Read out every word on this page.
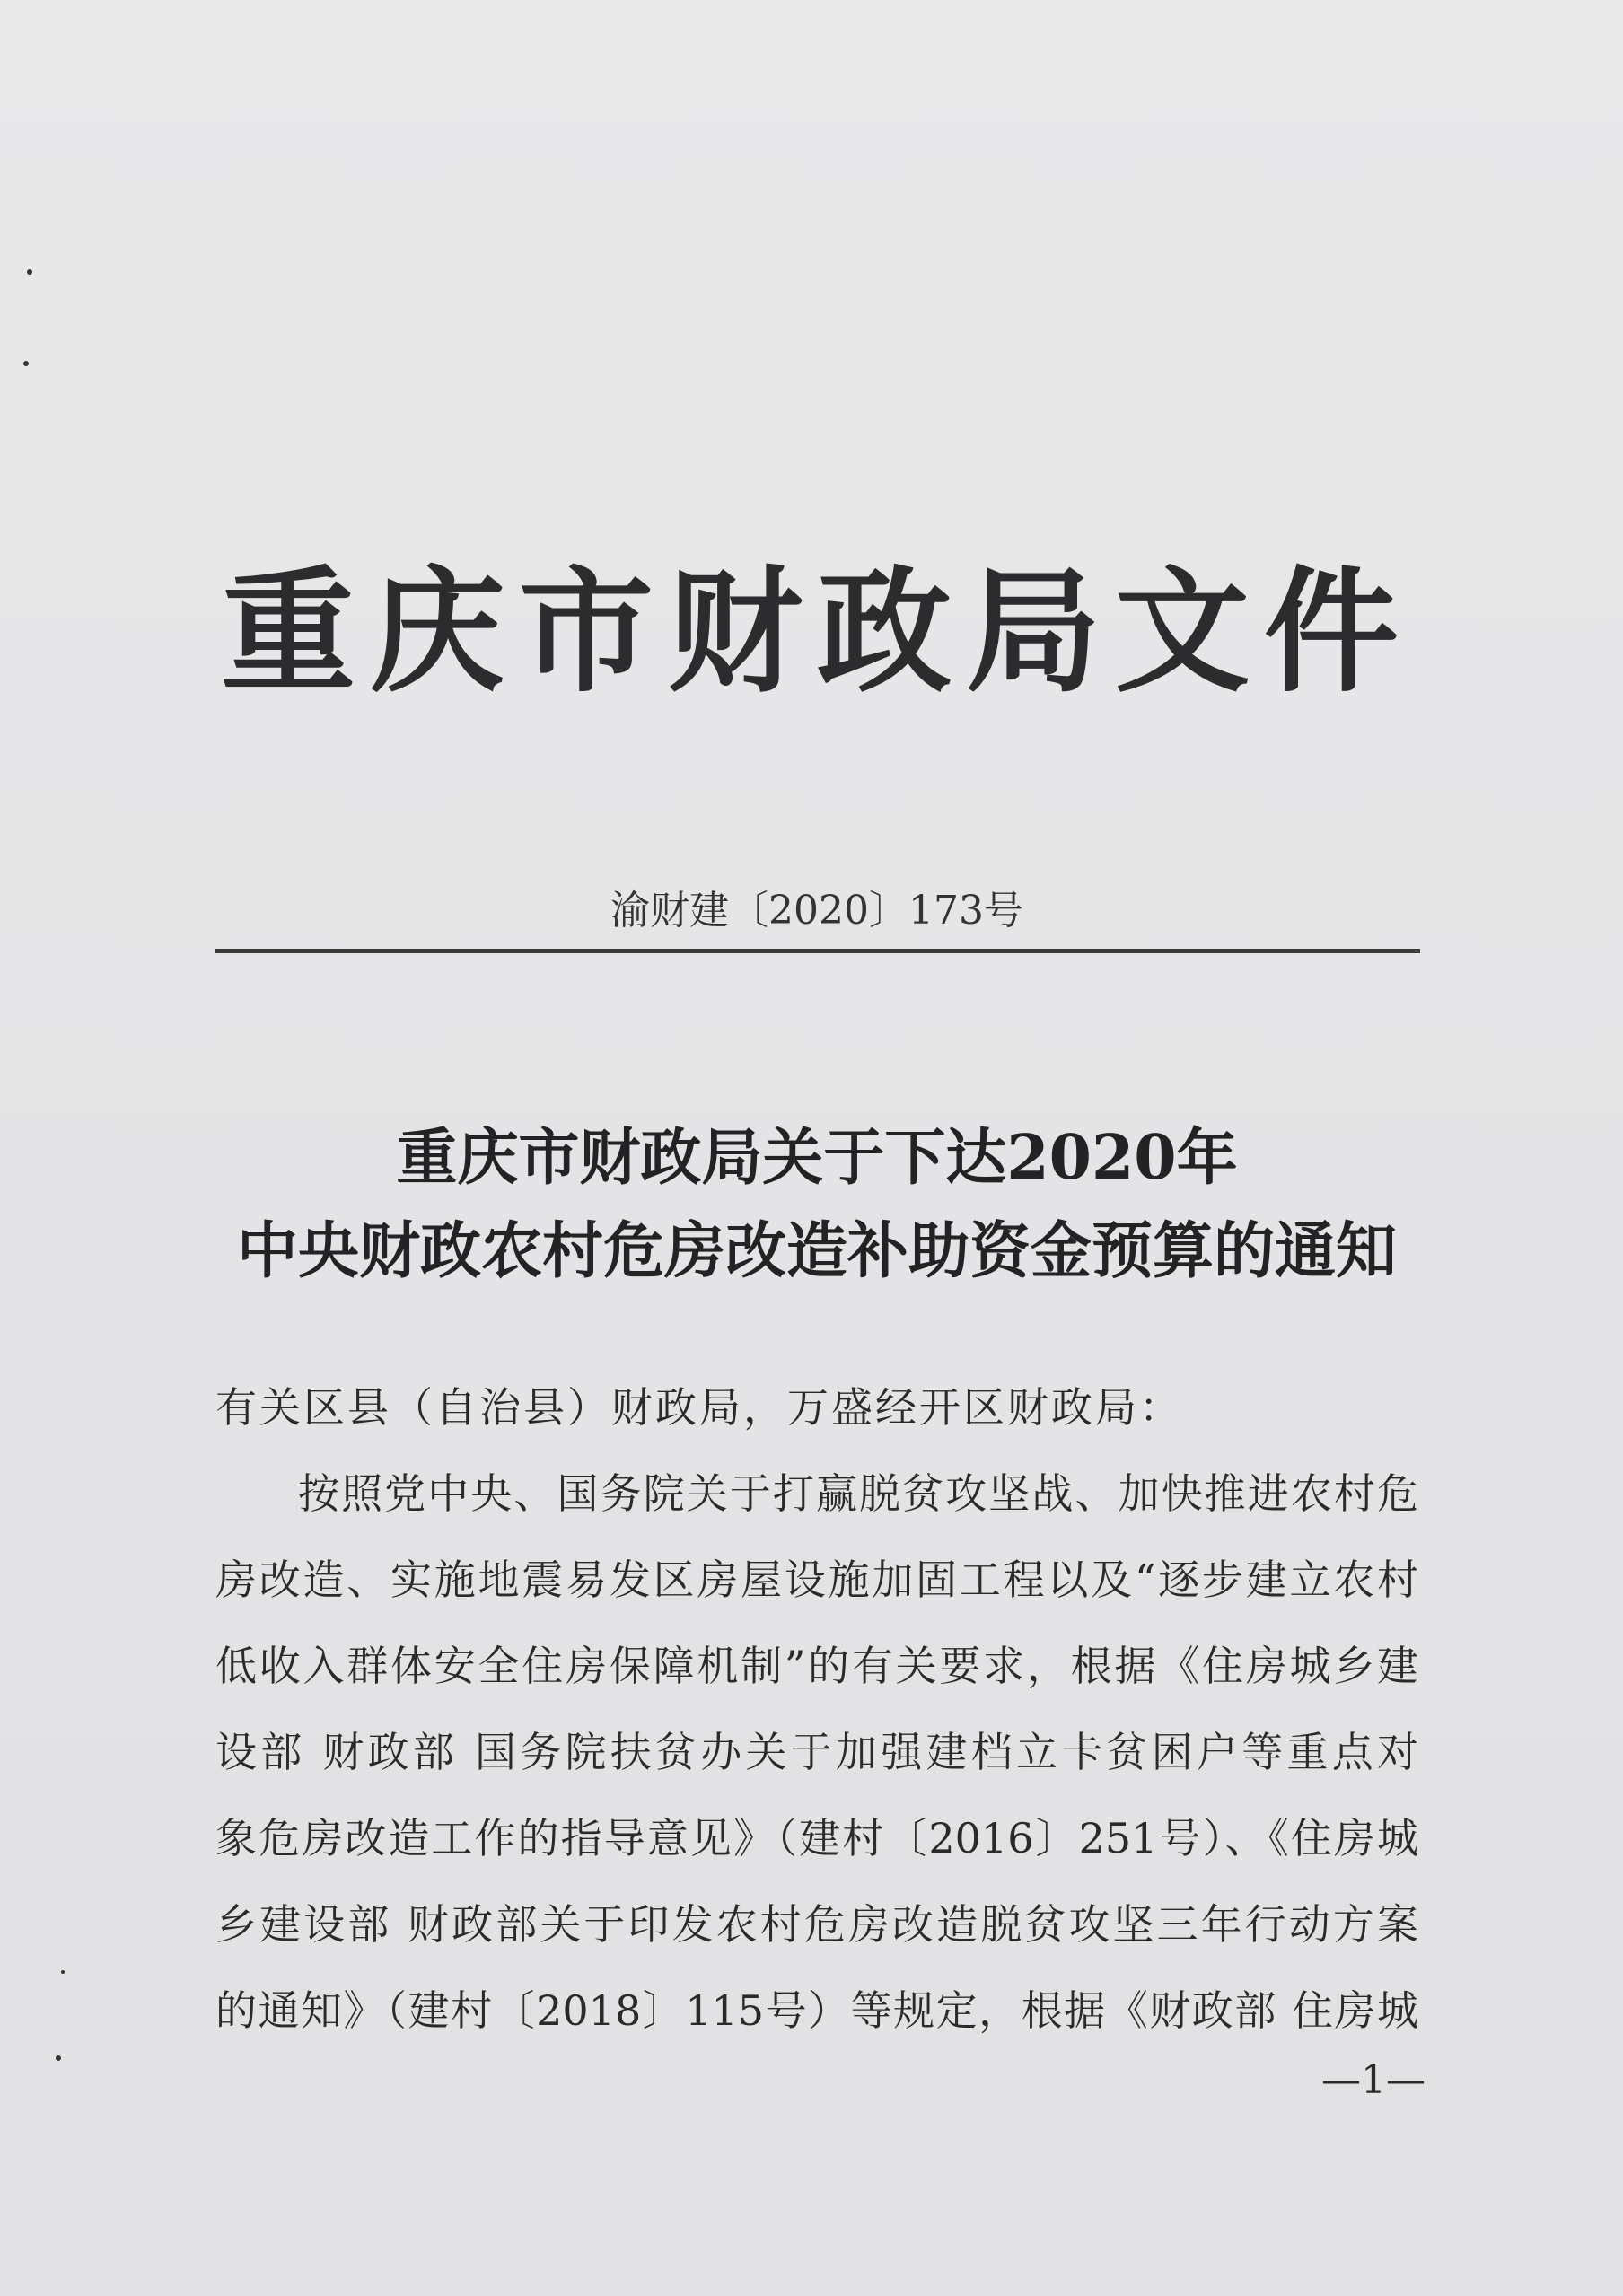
重庆市财政局文件
渝财建〔2020〕173号
重庆市财政局关于下达2020年
中央财政农村危房改造补助资金预算的通知
有关区县（自治县）财政局，万盛经开区财政局：
按照党中央、国务院关于打赢脱贫攻坚战、加快推进农村危
房改造、实施地震易发区房屋设施加固工程以及“逐步建立农村
低收入群体安全住房保障机制”的有关要求，根据《住房城乡建
设部 财政部 国务院扶贫办关于加强建档立卡贫困户等重点对
象危房改造工作的指导意见》（建村〔2016〕251号）、《住房城
乡建设部 财政部关于印发农村危房改造脱贫攻坚三年行动方案
的通知》（建村〔2018〕115号）等规定，根据《财政部 住房城
—1—
